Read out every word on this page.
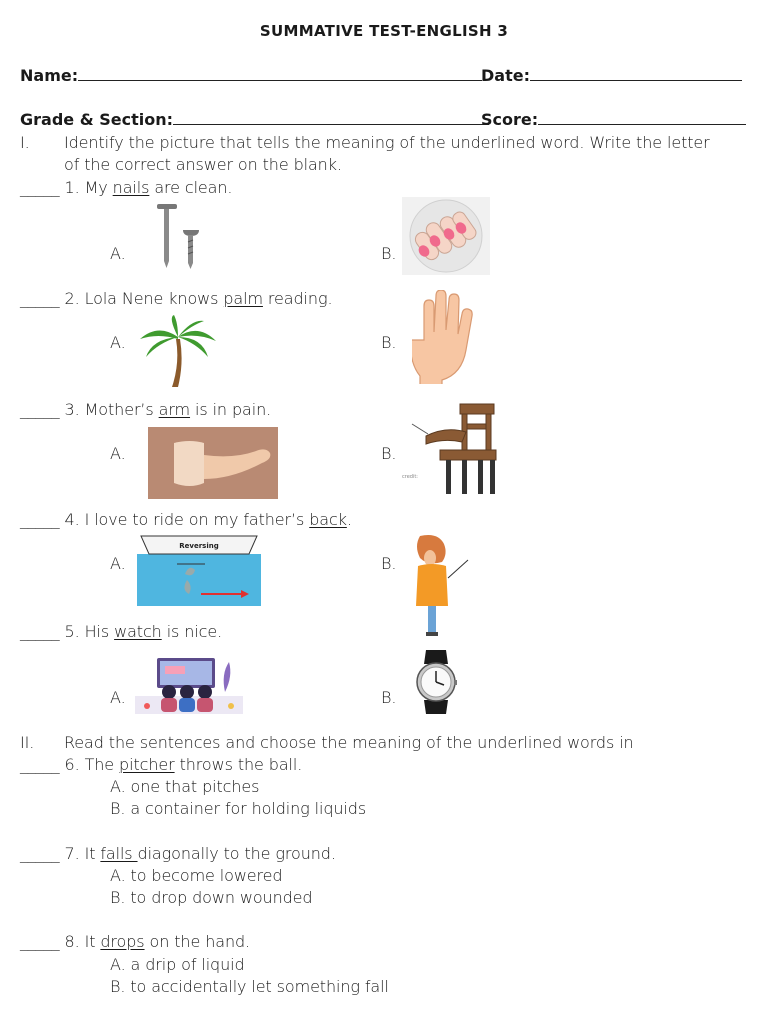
SUMMATIVE TEST-ENGLISH 3
Name:	Date:
Grade & Section:	Score:
I. Identify the picture that tells the meaning of the underlined word. Write the letter
of the correct answer on the blank.
_____ 1. My nails are clean.
A.	B.
_____ 2. Lola Nene knows palm reading.
A.	B.
_____ 3. Mother’s arm is in pain.
A.	B.
credit:
_____ 4. I love to ride on my father’s back.
A.	B.
Reversing
_____ 5. His watch is nice.
A.	B.
II. Read the sentences and choose the meaning of the underlined words in
_____ 6. The pitcher throws the ball.
A. one that pitches
B. a container for holding liquids
_____ 7. It falls diagonally to the ground.
A. to become lowered
B. to drop down wounded
_____ 8. It drops on the hand.
A. a drip of liquid
B. to accidentally let something fall
